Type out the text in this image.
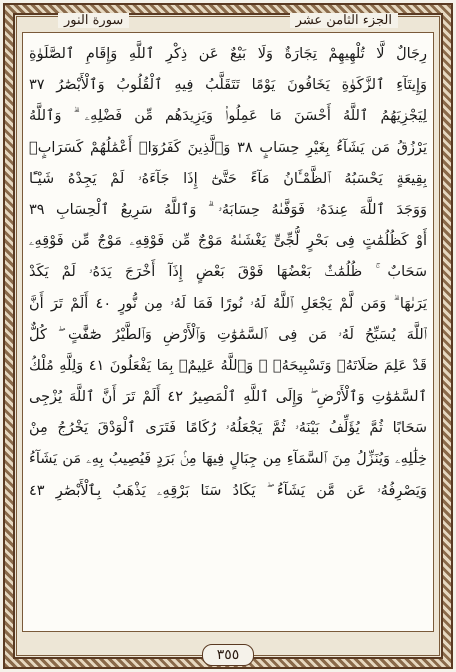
سورة النور	الجزء الثامن عشر
رِجَالٌ لَّا تُلْهِيهِمْ تِجَارَةٌ وَلَا بَيْعٌ عَن ذِكْرِ ٱللَّهِ وَإِقَامِ ٱلصَّلَوٰةِ
وَإِيتَآءِ ٱلزَّكَوٰةِ يَخَافُونَ يَوْمًا تَتَقَلَّبُ فِيهِ ٱلْقُلُوبُ وَٱلْأَبْصَٰرُ ٣٧
لِيَجْزِيَهُمُ ٱللَّهُ أَحْسَنَ مَا عَمِلُوا۟ وَيَزِيدَهُم مِّن فَضْلِهِۦ ۗ وَٱللَّهُ
يَرْزُقُ مَن يَشَآءُ بِغَيْرِ حِسَابٍ ٣٨ وَٱلَّذِينَ كَفَرُوٓا۟ أَعْمَٰلُهُمْ كَسَرَابٍۭ
بِقِيعَةٍ يَحْسَبُهُ ٱلظَّمْـَٔانُ مَآءً حَتَّىٰٓ إِذَا جَآءَهُۥ لَمْ يَجِدْهُ شَيْـًٔا
وَوَجَدَ ٱللَّهَ عِندَهُۥ فَوَفَّىٰهُ حِسَابَهُۥ ۗ وَٱللَّهُ سَرِيعُ ٱلْحِسَابِ ٣٩
أَوْ كَظُلُمَٰتٍ فِى بَحْرٍ لُّجِّىٍّ يَغْشَىٰهُ مَوْجٌ مِّن فَوْقِهِۦ مَوْجٌ مِّن فَوْقِهِۦ
سَحَابٌ ۚ ظُلُمَٰتٌۢ بَعْضُهَا فَوْقَ بَعْضٍ إِذَآ أَخْرَجَ يَدَهُۥ لَمْ يَكَدْ
يَرَىٰهَا ۗ وَمَن لَّمْ يَجْعَلِ ٱللَّهُ لَهُۥ نُورًا فَمَا لَهُۥ مِن نُّورٍ ٤٠ أَلَمْ تَرَ أَنَّ
ٱللَّهَ يُسَبِّحُ لَهُۥ مَن فِى ٱلسَّمَٰوَٰتِ وَٱلْأَرْضِ وَٱلطَّيْرُ صَٰٓفَّٰتٍ ۖ كُلٌّ
قَدْ عَلِمَ صَلَاتَهُۥ وَتَسْبِيحَهُۥ ۗ وَٱللَّهُ عَلِيمٌۢ بِمَا يَفْعَلُونَ ٤١ وَلِلَّهِ مُلْكُ
ٱلسَّمَٰوَٰتِ وَٱلْأَرْضِ ۖ وَإِلَى ٱللَّهِ ٱلْمَصِيرُ ٤٢ أَلَمْ تَرَ أَنَّ ٱللَّهَ يُزْجِى
سَحَابًا ثُمَّ يُؤَلِّفُ بَيْنَهُۥ ثُمَّ يَجْعَلُهُۥ رُكَامًا فَتَرَى ٱلْوَدْقَ يَخْرُجُ مِنْ
خِلَٰلِهِۦ وَيُنَزِّلُ مِنَ ٱلسَّمَآءِ مِن جِبَالٍ فِيهَا مِنۢ بَرَدٍ فَيُصِيبُ بِهِۦ مَن يَشَآءُ
وَيَصْرِفُهُۥ عَن مَّن يَشَآءُ ۖ يَكَادُ سَنَا بَرْقِهِۦ يَذْهَبُ بِٱلْأَبْصَٰرِ ٤٣
٣٥٥
